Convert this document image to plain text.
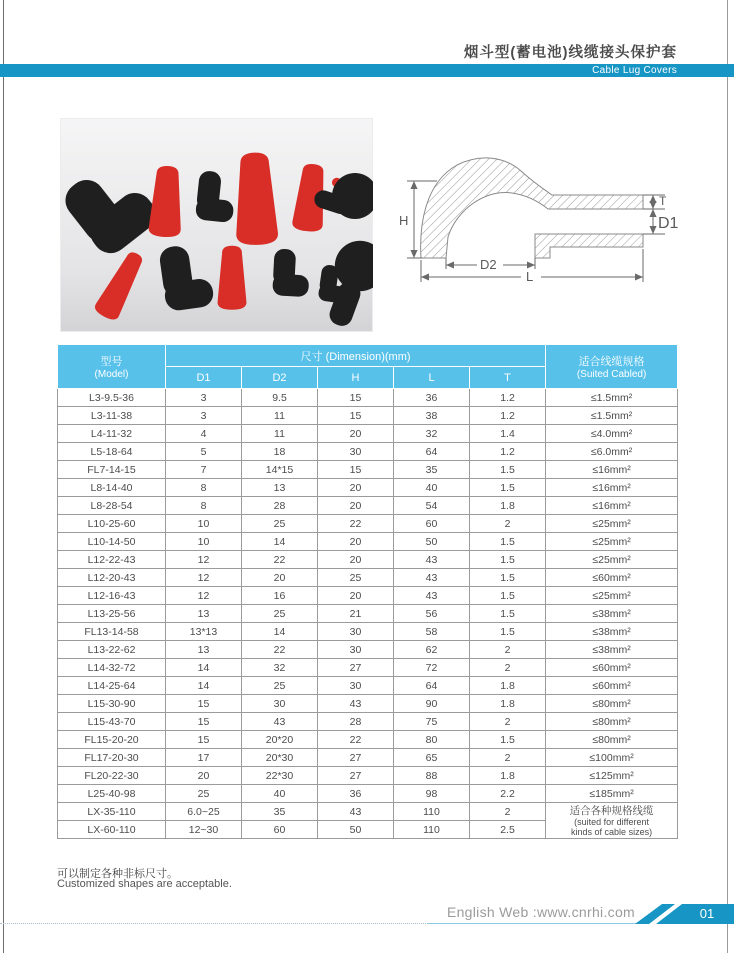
烟斗型(蓄电池)线缆接头保护套
Cable Lug Covers
H
D2
L
T
D1
型号
(Model)
	尺寸 (Dimension)(mm)	适合线缆规格
(Suited Cabled)

	D1	D2	H	L	T	
L3-9.5-36	3	9.5	15	36	1.2	≤1.5mm²
L3-11-38	3	11	15	38	1.2	≤1.5mm²
L4-11-32	4	11	20	32	1.4	≤4.0mm²
L5-18-64	5	18	30	64	1.2	≤6.0mm²
FL7-14-15	7	14*15	15	35	1.5	≤16mm²
L8-14-40	8	13	20	40	1.5	≤16mm²
L8-28-54	8	28	20	54	1.8	≤16mm²
L10-25-60	10	25	22	60	2	≤25mm²
L10-14-50	10	14	20	50	1.5	≤25mm²
L12-22-43	12	22	20	43	1.5	≤25mm²
L12-20-43	12	20	25	43	1.5	≤60mm²
L12-16-43	12	16	20	43	1.5	≤25mm²
L13-25-56	13	25	21	56	1.5	≤38mm²
FL13-14-58	13*13	14	30	58	1.5	≤38mm²
L13-22-62	13	22	30	62	2	≤38mm²
L14-32-72	14	32	27	72	2	≤60mm²
L14-25-64	14	25	30	64	1.8	≤60mm²
L15-30-90	15	30	43	90	1.8	≤80mm²
L15-43-70	15	43	28	75	2	≤80mm²
FL15-20-20	15	20*20	22	80	1.5	≤80mm²
FL17-20-30	17	20*30	27	65	2	≤100mm²
FL20-22-30	20	22*30	27	88	1.8	≤125mm²
L25-40-98	25	40	36	98	2.2	≤185mm²
LX-35-110	6.0~25	35	43	110	2	适合各种规格线缆
(suited for different
kinds of cable sizes)

LX-60-110	12~30	60	50	110	2.5	
可以制定各种非标尺寸。
Customized shapes are acceptable.
English Web :www.cnrhi.com	01
